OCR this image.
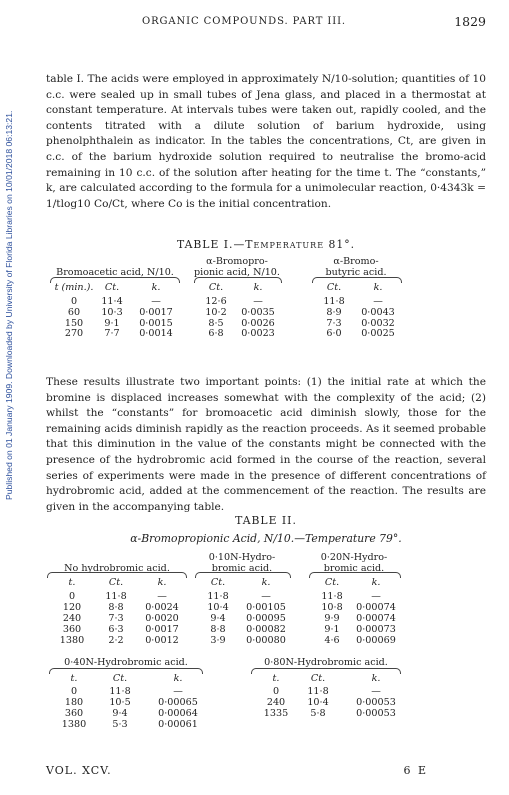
Published on 01 January 1909. Downloaded by University of Florida Libraries on 10/01/2018 06:13:21.
ORGANIC COMPOUNDS. PART III.	1829

table I. The acids were employed in approximately N/10-solution; quantities of 10 c.c. were sealed up in small tubes of Jena glass, and placed in a thermostat at constant temperature. At intervals tubes were taken out, rapidly cooled, and the contents titrated with a dilute solution of barium hydroxide, using phenolphthalein as indicator. In the tables the concentrations, Ct, are given in c.c. of the barium hydroxide solution required to neutralise the bromo-acid remaining in 10 c.c. of the solution after heating for the time t. The “constants,” k, are calculated according to the formula for a unimolecular reaction, 0·4343k = 1/tlog10 Co/Ct, where Co is the initial concentration.

TABLE I.—Temperature 81°.
Bromoacetic acid, N/10.
α-Bromopro-
pionic acid, N/10.
α-Bromo-
butyric acid.
t (min.).	Ct.	k.	Ct.	k.	Ct.	k.
0	11·4	—	12·6	—	11·8	—
60	10·3	0·0017	10·2	0·0035	8·9	0·0043
150	9·1	0·0015	8·5	0·0026	7·3	0·0032
270	7·7	0·0014	6·8	0·0023	6·0	0·0025

These results illustrate two important points: (1) the initial rate at which the bromine is displaced increases somewhat with the complexity of the acid; (2) whilst the “constants” for bromoacetic acid diminish slowly, those for the remaining acids diminish rapidly as the reaction proceeds. As it seemed probable that this diminution in the value of the constants might be connected with the presence of the hydrobromic acid formed in the course of the reaction, several series of experiments were made in the presence of different concentrations of hydrobromic acid, added at the commencement of the reaction. The results are given in the accompanying table.

TABLE II.
α-Bromopropionic Acid, N/10.—Temperature 79°.
No hydrobromic acid.
0·10N-Hydro-
bromic acid.
0·20N-Hydro-
bromic acid.
t.	Ct.	k.	Ct.	k.	Ct.	k.
0	11·8	—	11·8	—	11·8	—
120	8·8	0·0024	10·4	0·00105	10·8	0·00074
240	7·3	0·0020	9·4	0·00095	9·9	0·00074
360	6·3	0·0017	8·8	0·00082	9·1	0·00073
1380	2·2	0·0012	3·9	0·00080	4·6	0·00069
0·40N-Hydrobromic acid.
t.	Ct.	k.
0	11·8	—
180	10·5	0·00065
360	9·4	0·00064
1380	5·3	0·00061
0·80N-Hydrobromic acid.
t.	Ct.	k.
0	11·8	—
240	10·4	0·00053
1335	5·8	0·00053
VOL. XCV.	6 E
